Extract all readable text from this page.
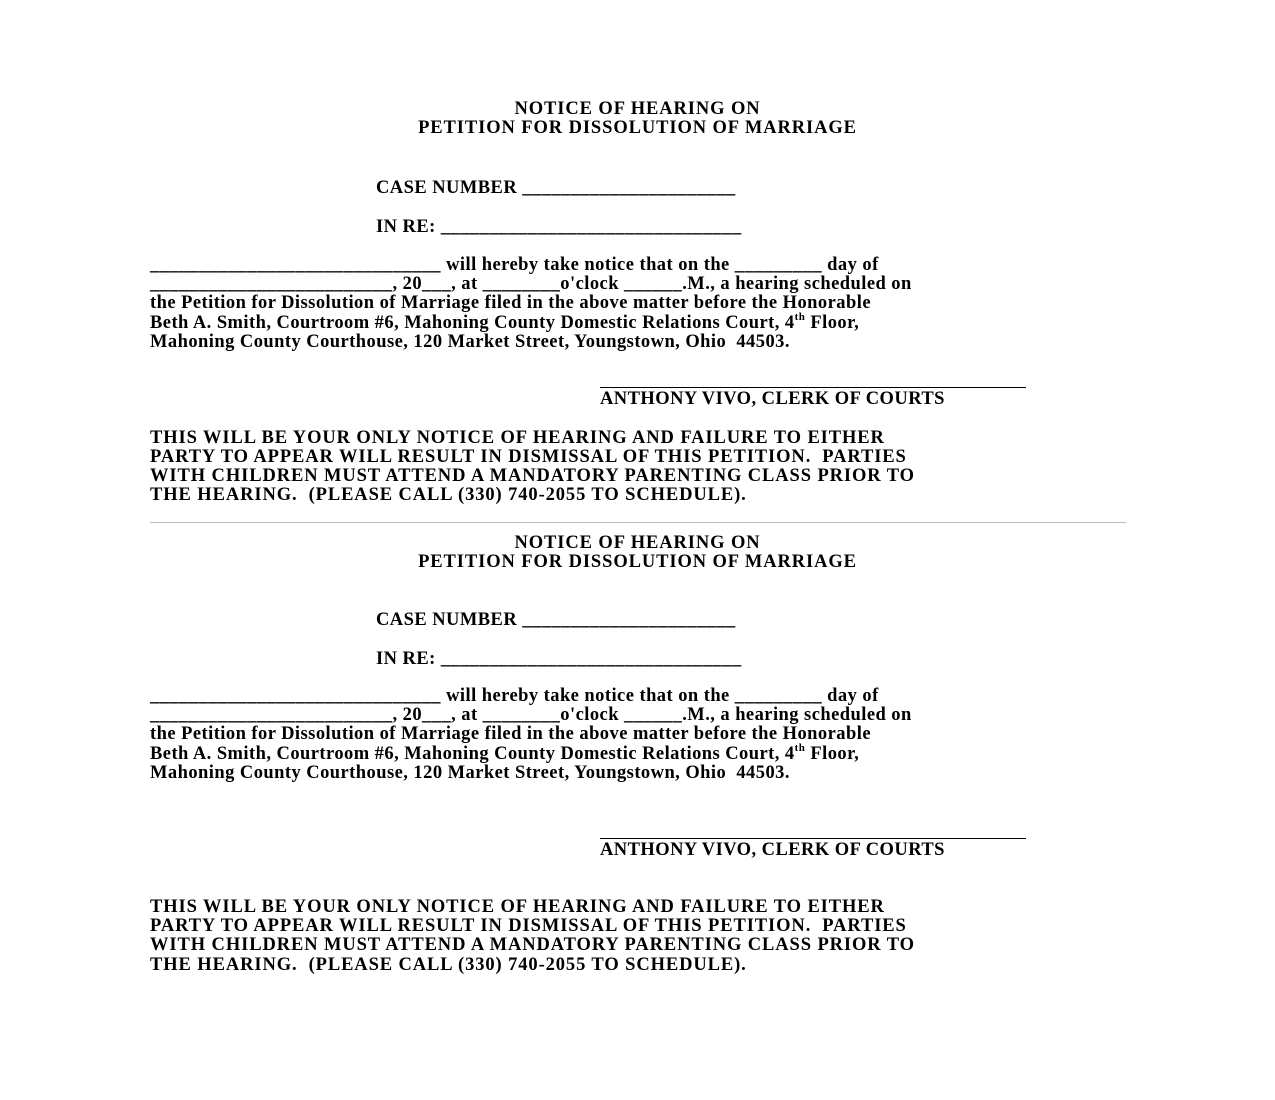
NOTICE OF HEARING ON
PETITION FOR DISSOLUTION OF MARRIAGE
CASE NUMBER ______________________
IN RE: _______________________________
______________________________ will hereby take notice that on the _________ day of
_________________________, 20___, at ________o'clock ______.M., a hearing scheduled on
the Petition for Dissolution of Marriage filed in the above matter before the Honorable
Beth A. Smith, Courtroom #6, Mahoning County Domestic Relations Court, 4th Floor,
Mahoning County Courthouse, 120 Market Street, Youngstown, Ohio  44503.
ANTHONY VIVO, CLERK OF COURTS
THIS WILL BE YOUR ONLY NOTICE OF HEARING AND FAILURE TO EITHER
PARTY TO APPEAR WILL RESULT IN DISMISSAL OF THIS PETITION.  PARTIES
WITH CHILDREN MUST ATTEND A MANDATORY PARENTING CLASS PRIOR TO
THE HEARING.  (PLEASE CALL (330) 740-2055 TO SCHEDULE).
NOTICE OF HEARING ON
PETITION FOR DISSOLUTION OF MARRIAGE
CASE NUMBER ______________________
IN RE: _______________________________
______________________________ will hereby take notice that on the _________ day of
_________________________, 20___, at ________o'clock ______.M., a hearing scheduled on
the Petition for Dissolution of Marriage filed in the above matter before the Honorable
Beth A. Smith, Courtroom #6, Mahoning County Domestic Relations Court, 4th Floor,
Mahoning County Courthouse, 120 Market Street, Youngstown, Ohio  44503.
ANTHONY VIVO, CLERK OF COURTS
THIS WILL BE YOUR ONLY NOTICE OF HEARING AND FAILURE TO EITHER
PARTY TO APPEAR WILL RESULT IN DISMISSAL OF THIS PETITION.  PARTIES
WITH CHILDREN MUST ATTEND A MANDATORY PARENTING CLASS PRIOR TO
THE HEARING.  (PLEASE CALL (330) 740-2055 TO SCHEDULE).
